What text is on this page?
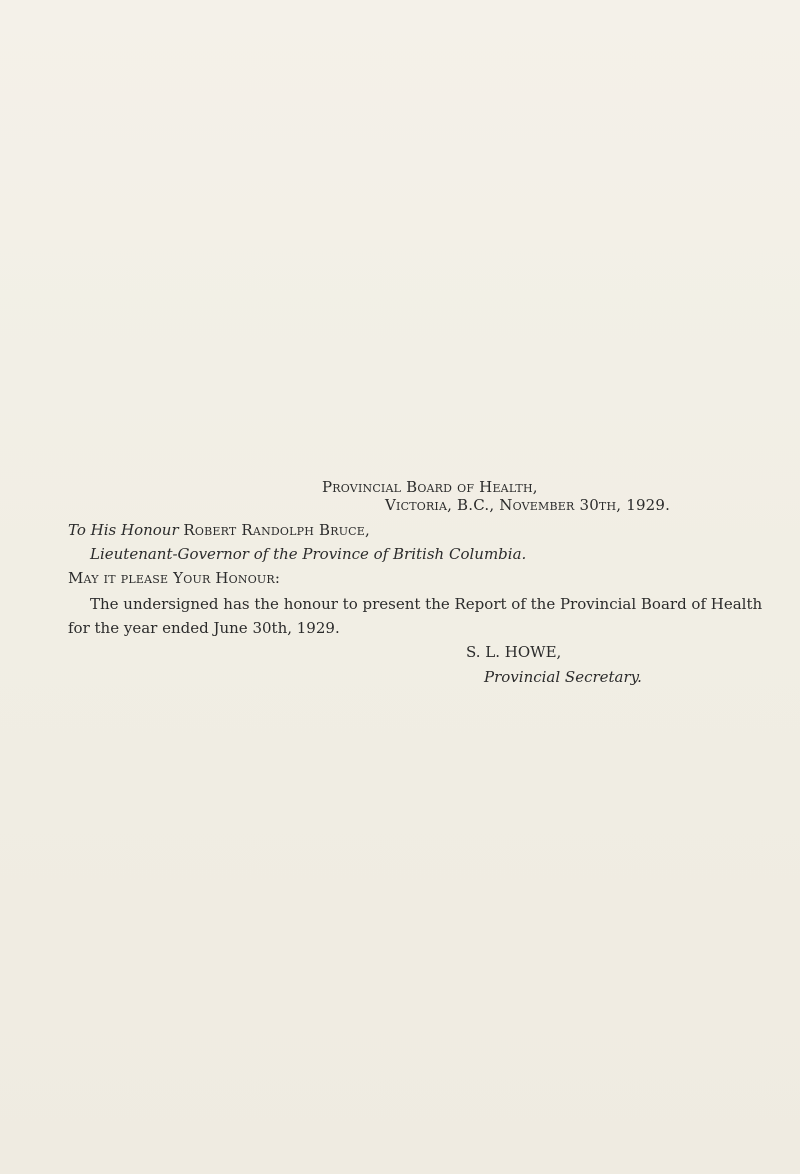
Provincial Board of Health,
Victoria, B.C., November 30th, 1929.
To His Honour Robert Randolph Bruce,
Lieutenant-Governor of the Province of British Columbia.
May it please Your Honour:
The undersigned has the honour to present the Report of the Provincial Board of Health
for the year ended June 30th, 1929.
S. L. HOWE,
Provincial Secretary.
